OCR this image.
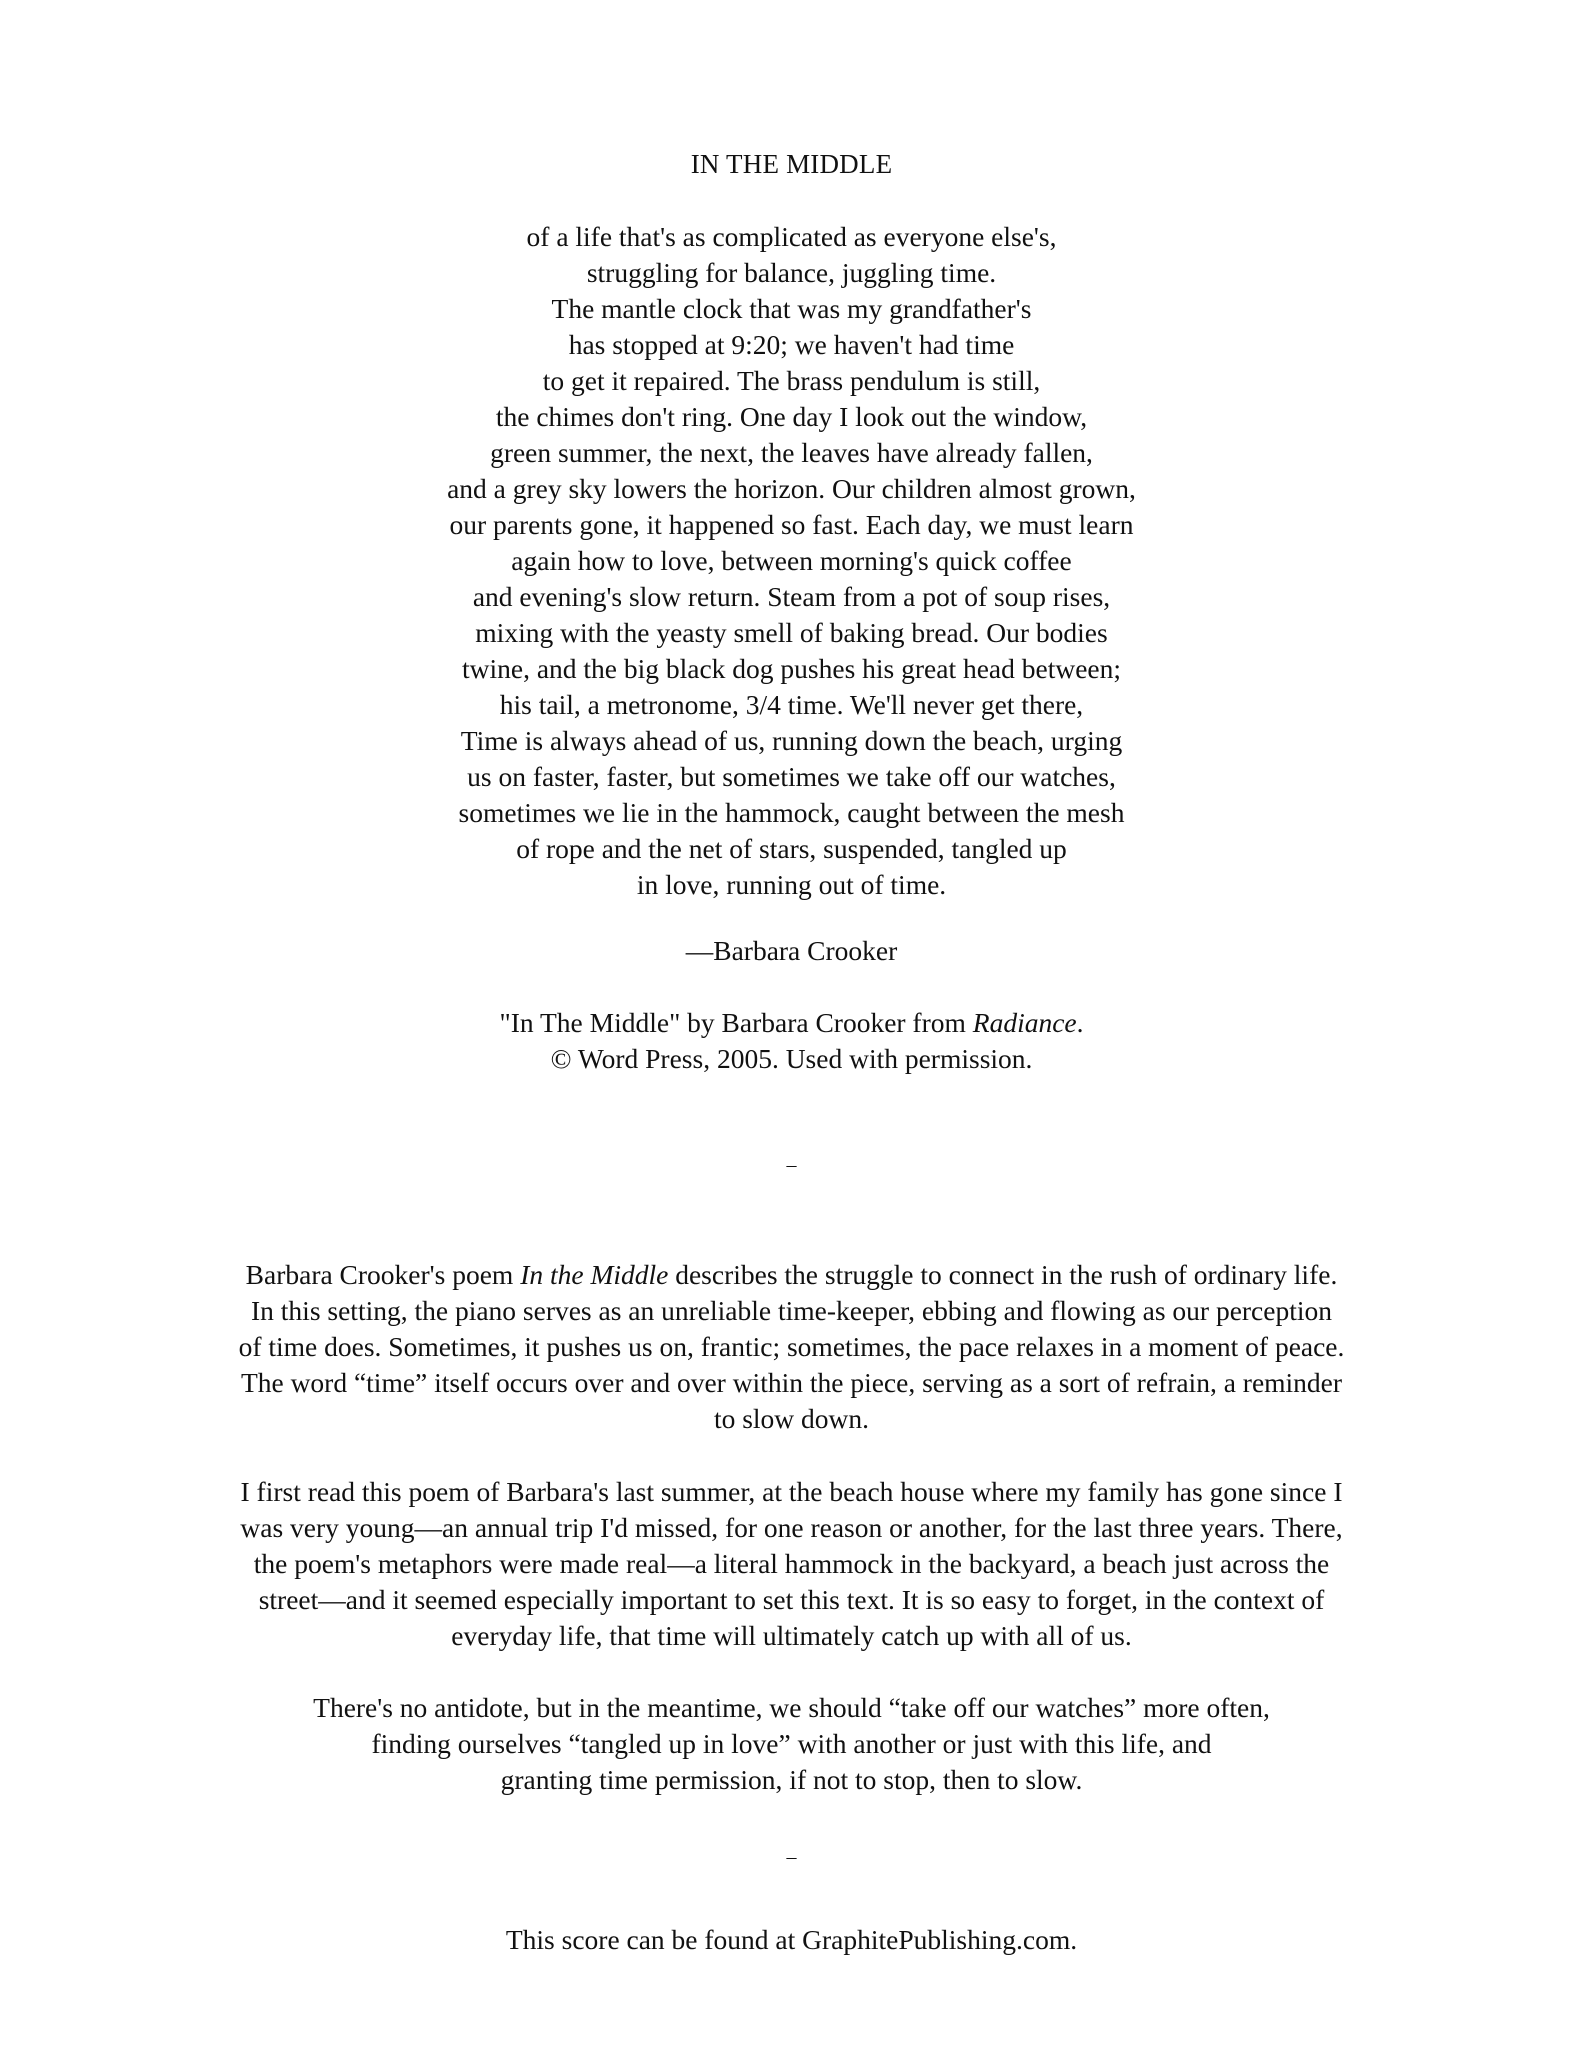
IN THE MIDDLE
of a life that's as complicated as everyone else's,
struggling for balance, juggling time.
The mantle clock that was my grandfather's
has stopped at 9:20; we haven't had time
to get it repaired. The brass pendulum is still,
the chimes don't ring. One day I look out the window,
green summer, the next, the leaves have already fallen,
and a grey sky lowers the horizon. Our children almost grown,
our parents gone, it happened so fast. Each day, we must learn
again how to love, between morning's quick coffee
and evening's slow return. Steam from a pot of soup rises,
mixing with the yeasty smell of baking bread. Our bodies
twine, and the big black dog pushes his great head between;
his tail, a metronome, 3/4 time. We'll never get there,
Time is always ahead of us, running down the beach, urging
us on faster, faster, but sometimes we take off our watches,
sometimes we lie in the hammock, caught between the mesh
of rope and the net of stars, suspended, tangled up
in love, running out of time.
—Barbara Crooker
"In The Middle" by Barbara Crooker from Radiance.
© Word Press, 2005. Used with permission.
–
Barbara Crooker's poem In the Middle describes the struggle to connect in the rush of ordinary life.
In this setting, the piano serves as an unreliable time-keeper, ebbing and flowing as our perception
of time does. Sometimes, it pushes us on, frantic; sometimes, the pace relaxes in a moment of peace.
The word “time” itself occurs over and over within the piece, serving as a sort of refrain, a reminder
to slow down.
I first read this poem of Barbara's last summer, at the beach house where my family has gone since I
was very young—an annual trip I'd missed, for one reason or another, for the last three years. There,
the poem's metaphors were made real—a literal hammock in the backyard, a beach just across the
street—and it seemed especially important to set this text. It is so easy to forget, in the context of
everyday life, that time will ultimately catch up with all of us.
There's no antidote, but in the meantime, we should “take off our watches” more often,
finding ourselves “tangled up in love” with another or just with this life, and
granting time permission, if not to stop, then to slow.
–
This score can be found at GraphitePublishing.com.
